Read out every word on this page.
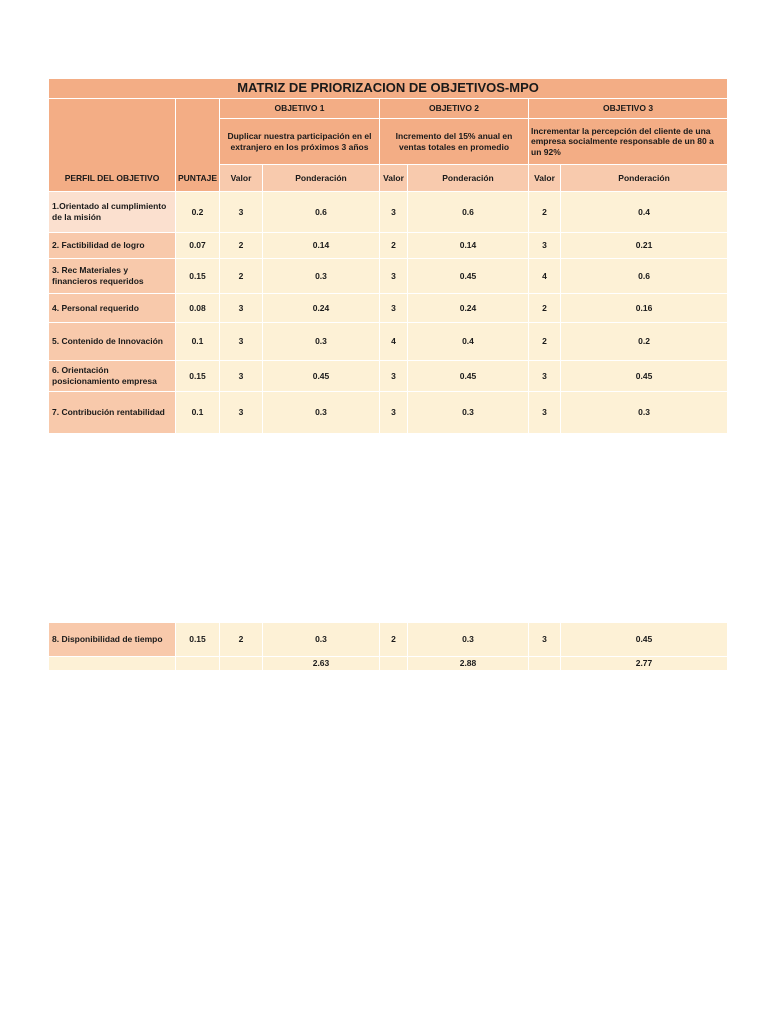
MATRIZ DE PRIORIZACION DE OBJETIVOS-MPO							
PERFIL DEL OBJETIVO	PUNTAJE	OBJETIVO 1		OBJETIVO 2		OBJETIVO 3	
		Duplicar nuestra participación en el extranjero en los próximos 3 años		Incremento del 15% anual en ventas totales en promedio		Incrementar la percepción del cliente de una empresa socialmente responsable de un 80 a un 92%	
		Valor	Ponderación	Valor	Ponderación	Valor	Ponderación
1.Orientado al cumplimiento de la misión	0.2	3	0.6	3	0.6	2	0.4
2. Factibilidad de logro	0.07	2	0.14	2	0.14	3	0.21
3. Rec Materiales y financieros requeridos	0.15	2	0.3	3	0.45	4	0.6
4. Personal requerido	0.08	3	0.24	3	0.24	2	0.16
5. Contenido de Innovación	0.1	3	0.3	4	0.4	2	0.2
6. Orientación posicionamiento empresa	0.15	3	0.45	3	0.45	3	0.45
7. Contribución rentabilidad	0.1	3	0.3	3	0.3	3	0.3
8. Disponibilidad de tiempo	0.15	2	0.3	2	0.3	3	0.45
			2.63		2.88		2.77
